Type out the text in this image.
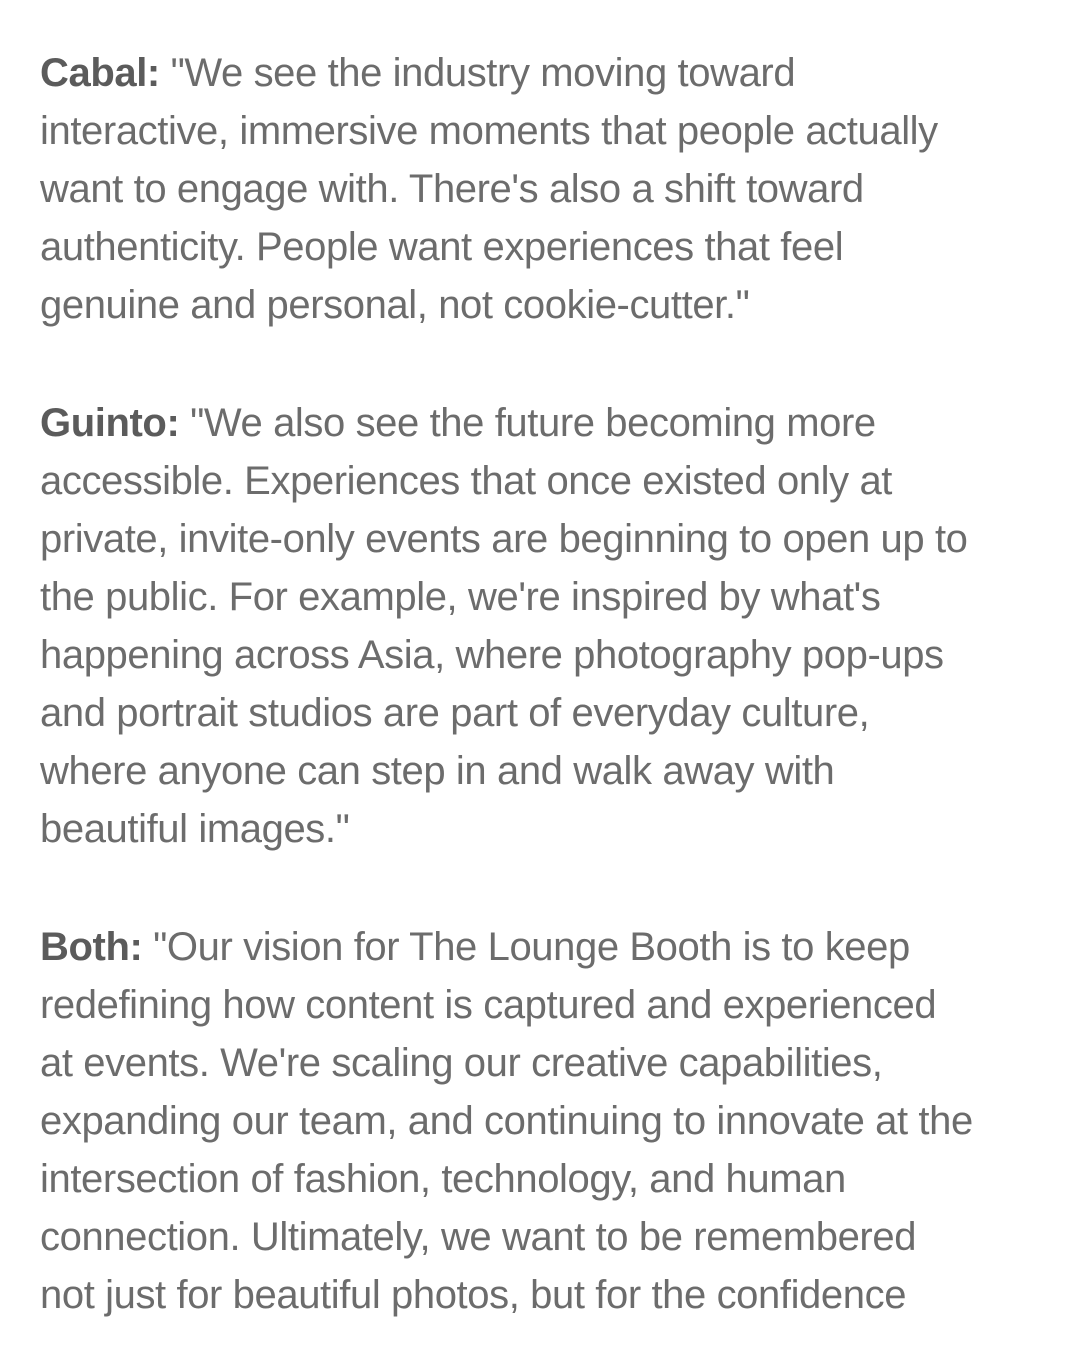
Cabal: "We see the industry moving toward
interactive, immersive moments that people actually
want to engage with. There's also a shift toward
authenticity. People want experiences that feel
genuine and personal, not cookie-cutter."
Guinto: "We also see the future becoming more
accessible. Experiences that once existed only at
private, invite-only events are beginning to open up to
the public. For example, we're inspired by what's
happening across Asia, where photography pop-ups
and portrait studios are part of everyday culture,
where anyone can step in and walk away with
beautiful images."
Both: "Our vision for The Lounge Booth is to keep
redefining how content is captured and experienced
at events. We're scaling our creative capabilities,
expanding our team, and continuing to innovate at the
intersection of fashion, technology, and human
connection. Ultimately, we want to be remembered
not just for beautiful photos, but for the confidence
